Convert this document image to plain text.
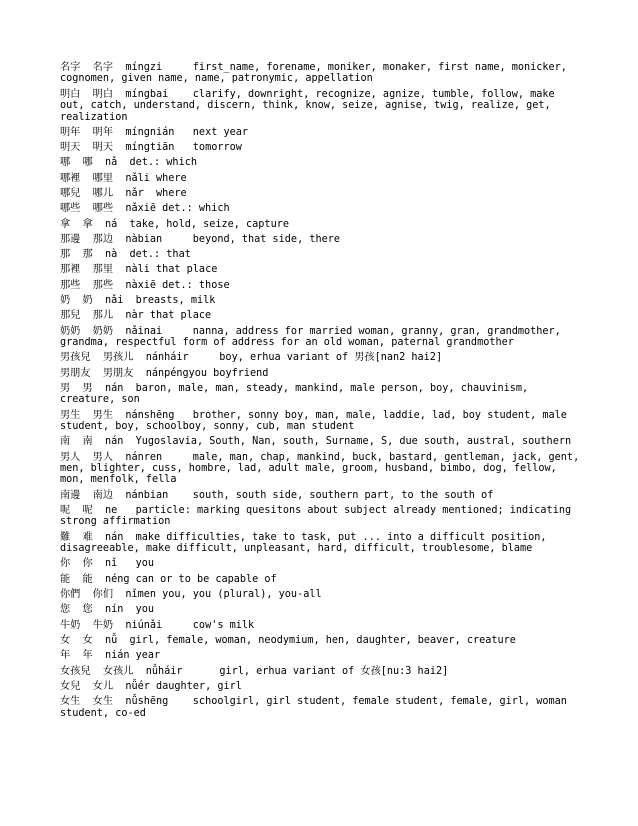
名字 名字 míngzi	first_name, forename, moniker, monaker, first name, monicker, cognomen, given name, name, patronymic, appellation
明白 明白 míngbai clarify, downright, recognize, agnize, tumble, follow, make out, catch, understand, discern, think, know, seize, agnise, twig, realize, get, realization
明年 明年 míngnián next year
明天 明天 míngtiān tomorrow
哪 哪 nǎ det.: which
哪裡 哪里 nǎli where
哪兒 哪儿 nǎr where
哪些 哪些 nǎxiē det.: which
拿 拿 ná take, hold, seize, capture
那邊 那边 nàbian	beyond, that side, there
那 那 nà det.: that
那裡 那里 nàli that place
那些 那些 nàxiē det.: those
奶 奶 nǎi breasts, milk
那兒 那儿 nàr that place
奶奶 奶奶 nǎinai	nanna, address for married woman, granny, gran, grandmother, grandma, respectful form of address for an old woman, paternal grandmother
男孩兒 男孩儿 nánháir	boy, erhua variant of 男孩[nan2 hai2]
男朋友 男朋友 nánpéngyou boyfriend
男 男 nán baron, male, man, steady, mankind, male person, boy, chauvinism, creature, son
男生 男生 nánshēng brother, sonny boy, man, male, laddie, lad, boy student, male student, boy, schoolboy, sonny, cub, man student
南 南 nán Yugoslavia, South, Nan, south, Surname, S, due south, austral, southern
男人 男人 nánren	male, man, chap, mankind, buck, bastard, gentleman, jack, gent, men, blighter, cuss, hombre, lad, adult male, groom, husband, bimbo, dog, fellow, mon, menfolk, fella
南邊 南边 nánbian south, south side, southern part, to the south of
呢 呢 ne particle: marking quesitons about subject already mentioned; indicating strong affirmation
難 难 nán make difficulties, take to task, put ... into a difficult position, disagreeable, make difficult, unpleasant, hard, difficult, troublesome, blame
你 你 nǐ you
能 能 néng can or to be capable of
你們 你们 nǐmen you, you (plural), you-all
您 您 nín you
牛奶 牛奶 niúnǎi	cow's milk
女 女 nǚ girl, female, woman, neodymium, hen, daughter, beaver, creature
年 年 nián year
女孩兒 女孩儿 nǚháir	girl, erhua variant of 女孩[nu:3 hai2]
女兒 女儿 nǚér daughter, girl
女生 女生 nǚshēng schoolgirl, girl student, female student, female, girl, woman student, co-ed
